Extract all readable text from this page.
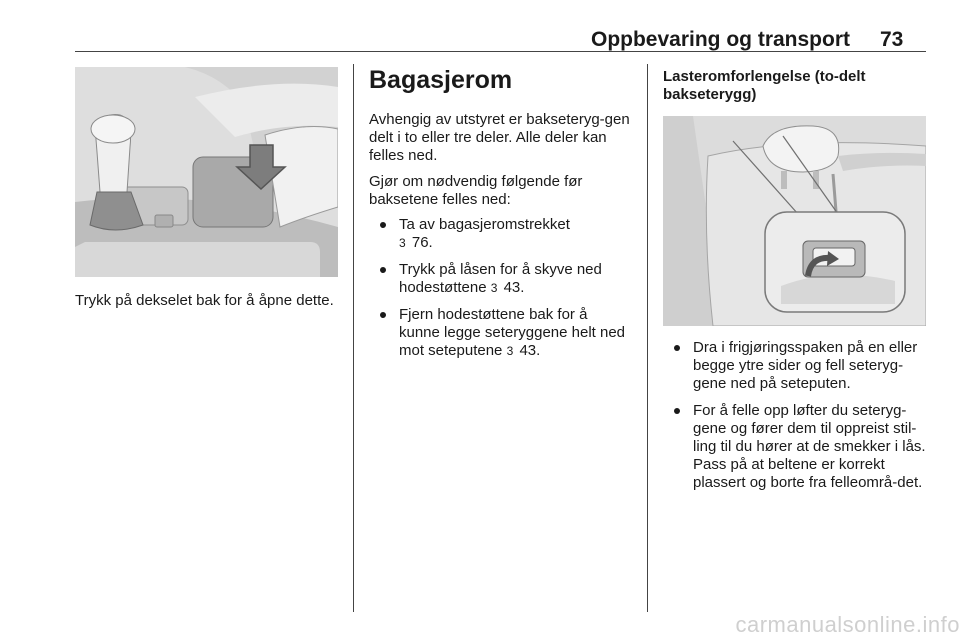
Oppbevaring og transport 73
Trykk på dekselet bak for å åpne dette.
Bagasjerom

Avhengig av utstyret er bakseteryg-gen delt i to eller tre deler. Alle deler kan felles ned.

Gjør om nødvendig følgende før baksetene felles ned:

Ta av bagasjeromstrekket
3 76.
Trykk på låsen for å skyve ned hodestøttene 3 43.
Fjern hodestøttene bak for å kunne legge seteryggene helt ned mot seteputene 3 43.
Lasteromforlengelse (to-delt bakseterygg)
Dra i frigjøringsspaken på en eller begge ytre sider og fell seteryg-gene ned på seteputen.
For å felle opp løfter du seteryg-gene og fører dem til oppreist stil-ling til du hører at de smekker i lås. Pass på at beltene er korrekt plassert og borte fra felleområ-det.
carmanualsonline.info
